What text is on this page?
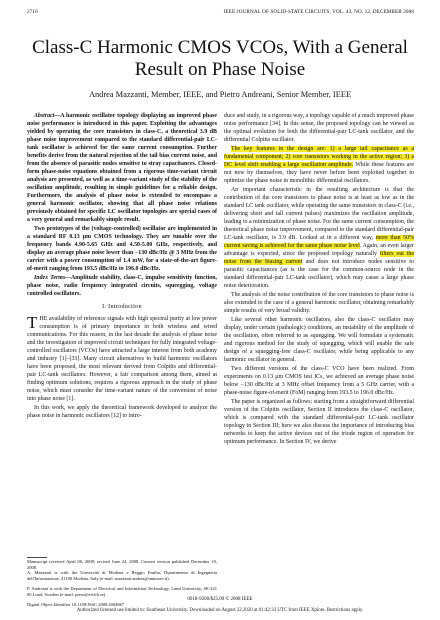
2716	IEEE JOURNAL OF SOLID-STATE CIRCUITS, VOL. 43, NO. 12, DECEMBER 2008
Class-C Harmonic CMOS VCOs, With a General Result on Phase Noise
Andrea Mazzanti, Member, IEEE, and Pietro Andreani, Senior Member, IEEE

Abstract—A harmonic oscillator topology displaying an improved phase noise performance is introduced in this paper. Exploiting the advantages yielded by operating the core transistors in class-C, a theoretical 3.9 dB phase noise improvement compared to the standard differential-pair LC-tank oscillator is achieved for the same current consumption. Further benefits derive from the natural rejection of the tail bias current noise, and from the absence of parasitic nodes sensitive to stray capacitances. Closed-form phase-noise equations obtained from a rigorous time-variant circuit analysis are presented, as well as a time-variant study of the stability of the oscillation amplitude, resulting in simple guidelines for a reliable design. Furthermore, the analysis of phase noise is extended to encompass a general harmonic oscillator, showing that all phase noise relations previously obtained for specific LC oscillator topologies are special cases of a very general and remarkably simple result.

Two prototypes of the (voltage-controlled) oscillator are implemented in a standard RF 0.13 μm CMOS technology. They are tunable over the frequency bands 4.90-5.65 GHz and 4.50-5.00 GHz, respectively, and display an average phase noise lower than −130 dBc/Hz @ 3 MHz from the carrier with a power consumption of 1.4 mW, for a state-of-the-art figure-of-merit ranging from 193.5 dBc/Hz to 196.0 dBc/Hz.

Index Terms—Amplitude stability, class-C, impulse sensitivity function, phase noise, radio frequency integrated circuits, squeegging, voltage controlled oscillators.

I. Introduction

THE availability of reference signals with high spectral purity at low power consumption is of primary importance in both wireless and wired communications. For this reason, in the last decade the analysis of phase noise and the investigation of improved circuit techniques for fully integrated voltage-controlled oscillators (VCOs) have attracted a large interest from both academy and industry [1]–[33]. Many circuit alternatives to build harmonic oscillators have been proposed, the most relevant derived from Colpitts and differential-pair LC-tank oscillators. However, a fair comparison among them, aimed at finding optimum solutions, requires a rigorous approach in the study of phase noise, which must consider the time-variant nature of the conversion of noise into phase noise [1].

In this work, we apply the theoretical framework developed to analyze the phase noise in harmonic oscillators [12] to intro-

duce and study, in a rigorous way, a topology capable of a much improved phase noise performance [34]. In this sense, the proposed topology can be viewed as the optimal evolution for both the differential-pair LC-tank oscillator, and the differential Colpitts oscillator.

The key features in the design are: 1) a large tail capacitance as a fundamental component; 2) core transistors working in the active region; 3) a DC level shift enabling a large oscillation amplitude. While these features are not new by themselves, they have never before been exploited together to optimize the phase noise in monolithic differential oscillators.

An important characteristic in the resulting architecture is that the contribution of the core transistors to phase noise is at least as low as in the standard LC tank oscillator, while operating the same transistors in class-C (i.e., delivering short and tall current pulses) maximizes the oscillation amplitude, leading to a minimization of phase noise. For the same current consumption, the theoretical phase noise improvement, compared to the standard differential-pair LC-tank oscillator, is 3.9 dB. Looked at in a different way, more than 50% current saving is achieved for the same phase noise level. Again, an even larger advantage is expected, since the proposed topology naturally filters out the noise from the biasing current and does not introduce nodes sensitive to parasitic capacitances (as is the case for the common-source node in the standard differential-pair LC-tank oscillator), which may cause a large phase noise deterioration.

The analysis of the noise contribution of the core transistors to phase noise is also extended to the case of a general harmonic oscillator, obtaining remarkably simple results of very broad validity.

Like several other harmonic oscillators, also the class-C oscillator may display, under certain (pathologic) conditions, an instability of the amplitude of the oscillation, often referred to as squegging. We will formulate a systematic and rigorous method for the study of squegging, which will enable the safe design of a squegging-free class-C oscillator, while being applicable to any harmonic oscillator in general.

Two different versions of the class-C VCO have been realized. From experiments on 0.13 μm CMOS test ICs, we achieved an average phase noise below −130 dBc/Hz at 3 MHz offset frequency from a 5 GHz carrier, with a phase-noise figure-of-merit (FoM) ranging from 193.5 to 196.0 dBc/Hz.

The paper is organized as follows: starting from a straightforward differential version of the Colpitts oscillator, Section II introduces the class-C oscillator, which is compared with the standard differential-pair LC-tank oscillator topology in Section III; here we also discuss the importance of introducing bias networks to keep the active devices out of the triode region of operation for optimum performance. In Section IV, we derive

Manuscript received April 08, 2008; revised June 24, 2008. Current version published December 10, 2008.
A. Mazzanti is with the Università di Modena e Reggio Emilia, Dipartimento di Ingegneria dell'Informazione, 41100 Modena, Italy (e-mail: mazzanti.andrea@unimore.it).
P. Andreani is with the Department of Electrical and Information Technology, Lund University, SE-221 00 Lund, Sweden (e-mail: piero@eit.lth.se)
Digital Object Identifier 10.1109/JSSC.2008.2004867
0018-9200/$25.00 © 2008 IEEE
Authorized licensed use limited to: Southeast University. Downloaded on August 22,2020 at 01:42:33 UTC from IEEE Xplore. Restrictions apply.
